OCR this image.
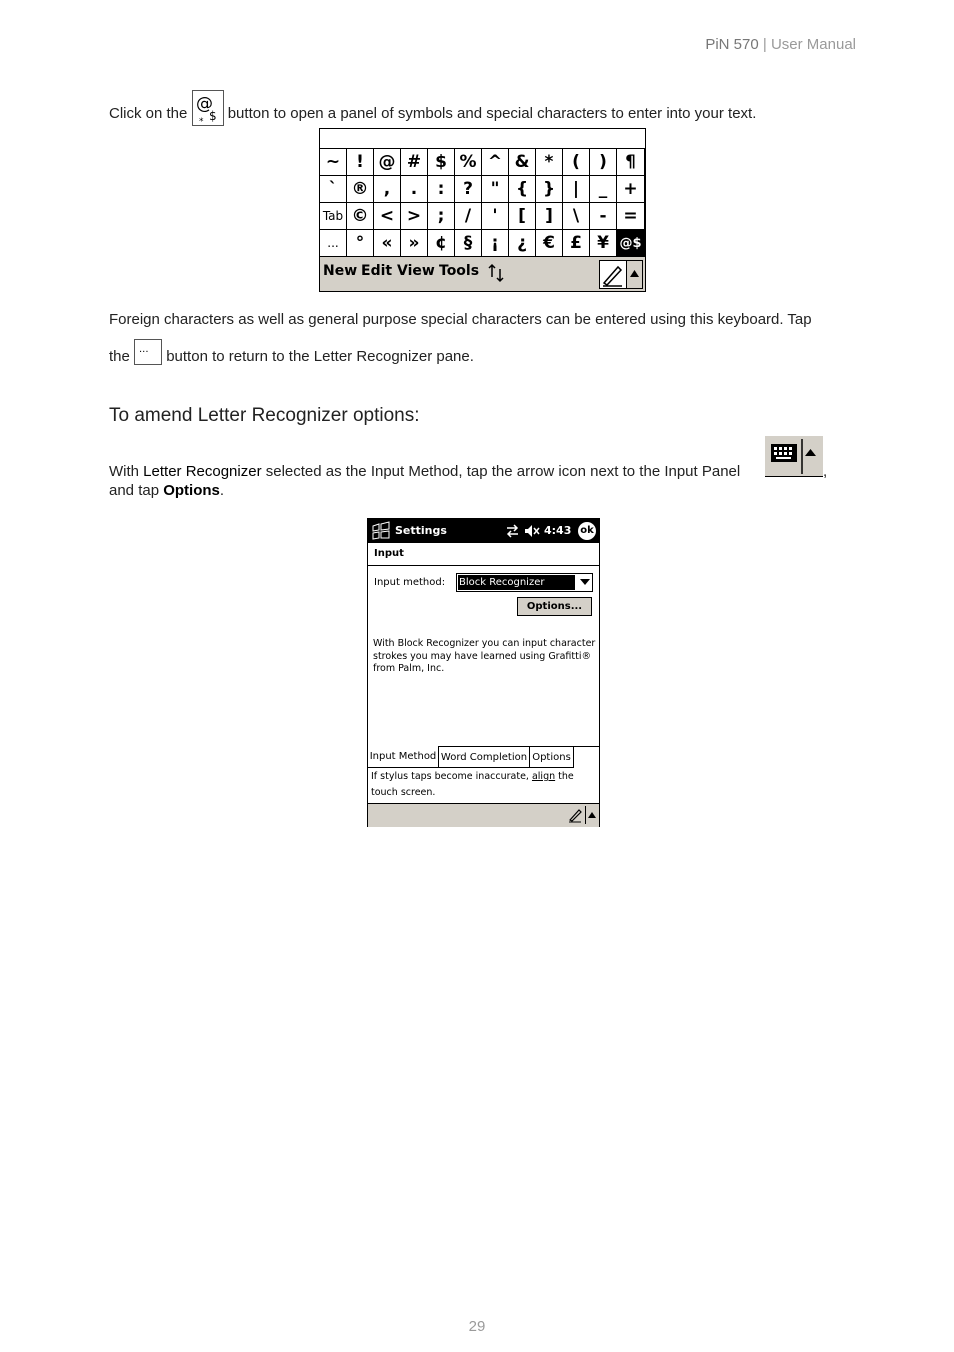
PiN 570 | User Manual
Click on the @
$
* button to open a panel of symbols and special characters to enter into your text.
~ ! @ # $ % ^ & *	(	)	¶
` ® ,	.	:	?	" { }	|	_ +
Tab © < > ;	/	'	[	]	\	- =
...	°	« » ¢ §	¡	¿ € £ ¥ @$
New Edit View Tools
Foreign characters as well as general purpose special characters can be entered using this keyboard. Tap
the ... button to return to the Letter Recognizer pane.
To amend Letter Recognizer options:
With Letter Recognizer selected as the Input Method, tap the arrow icon next to the Input Panel	,
and tap Options.
Settings	4:43 ok
Input
Input method: Block Recognizer
Options...
With Block Recognizer you can input character
strokes you may have learned using Grafitti®
from Palm, Inc.
Input Method Word Completion Options
If stylus taps become inaccurate, align the
touch screen.
29
